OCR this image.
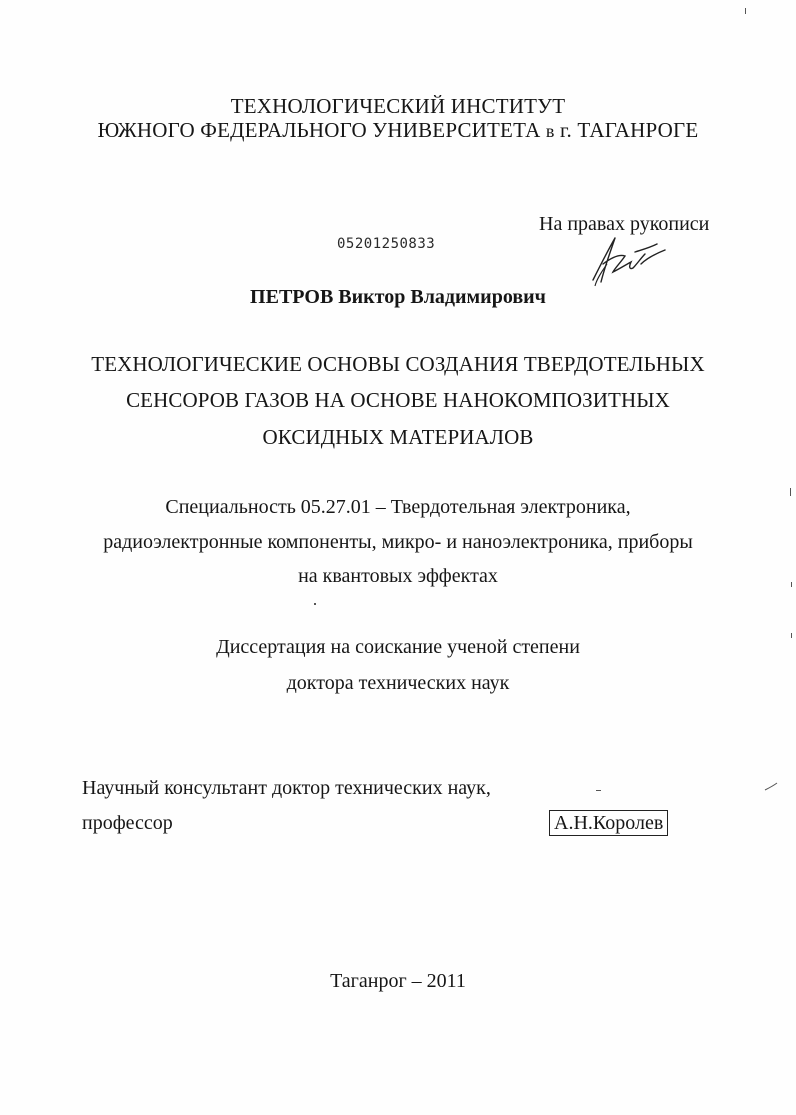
ТЕХНОЛОГИЧЕСКИЙ ИНСТИТУТ
ЮЖНОГО ФЕДЕРАЛЬНОГО УНИВЕРСИТЕТА в г. ТАГАНРОГЕ
На правах рукописи
05201250833
ПЕТРОВ Виктор Владимирович
ТЕХНОЛОГИЧЕСКИЕ ОСНОВЫ СОЗДАНИЯ ТВЕРДОТЕЛЬНЫХ
СЕНСОРОВ ГАЗОВ НА ОСНОВЕ НАНОКОМПОЗИТНЫХ
ОКСИДНЫХ МАТЕРИАЛОВ
Специальность 05.27.01 – Твердотельная электроника,
радиоэлектронные компоненты, микро- и наноэлектроника, приборы
на квантовых эффектах
Диссертация на соискание ученой степени
доктора технических наук
Научный консультант доктор технических наук,
профессор	А.Н.Королев
Таганрог – 2011
